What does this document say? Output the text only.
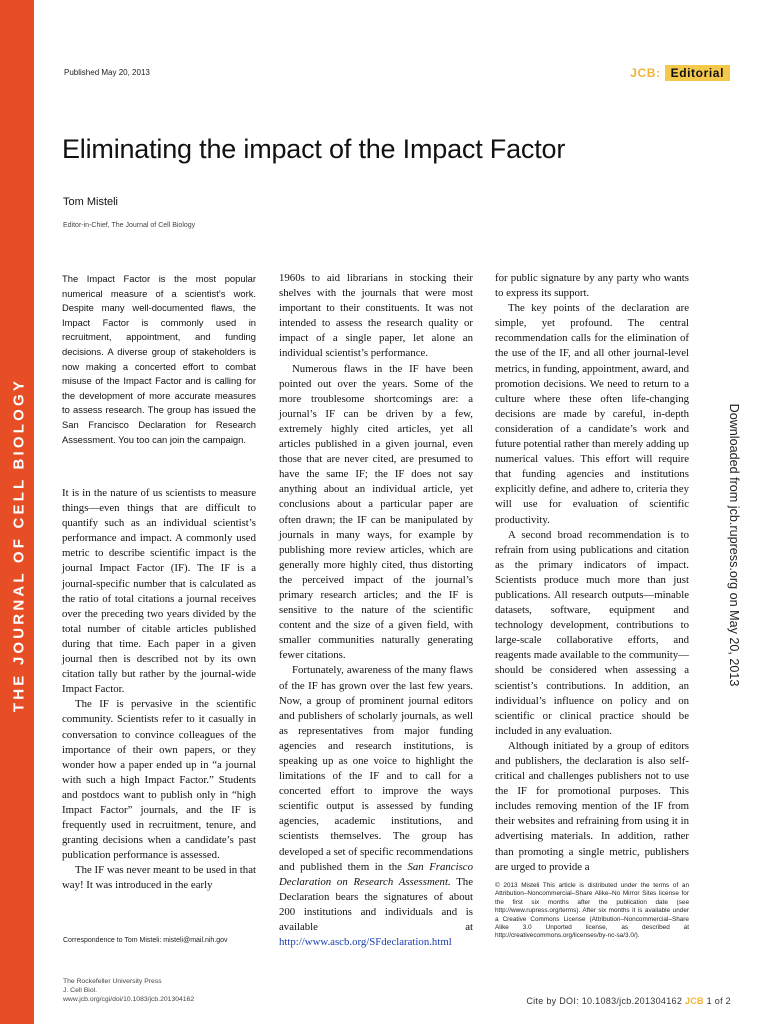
THE JOURNAL OF CELL BIOLOGY
Published May 20, 2013	JCB: Editorial
Eliminating the impact of the Impact Factor
Tom Misteli
Editor-in-Chief, The Journal of Cell Biology
The Impact Factor is the most popular numerical measure of a scientist’s work. Despite many well-documented flaws, the Impact Factor is commonly used in recruitment, appointment, and funding decisions. A diverse group of stakeholders is now making a concerted effort to combat misuse of the Impact Factor and is calling for the development of more accurate measures to assess research. The group has issued the San Francisco Declaration for Research Assessment. You too can join the campaign.

It is in the nature of us scientists to measure things—even things that are difficult to quantify such as an individual scientist’s performance and impact. A commonly used metric to describe scientific impact is the journal Impact Factor (IF). The IF is a journal-specific number that is calculated as the ratio of total citations a journal receives over the preceding two years divided by the total number of citable articles published during that time. Each paper in a given journal then is described not by its own citation tally but rather by the journal-wide Impact Factor.

The IF is pervasive in the scientific community. Scientists refer to it casually in conversation to convince colleagues of the importance of their own papers, or they wonder how a paper ended up in “a journal with such a high Impact Factor.” Students and postdocs want to publish only in “high Impact Factor” journals, and the IF is frequently used in recruitment, tenure, and granting decisions when a candidate’s past publication performance is assessed.

The IF was never meant to be used in that way! It was introduced in the early

1960s to aid librarians in stocking their shelves with the journals that were most important to their constituents. It was not intended to assess the research quality or impact of a single paper, let alone an individual scientist’s performance.

Numerous flaws in the IF have been pointed out over the years. Some of the more troublesome shortcomings are: a journal’s IF can be driven by a few, extremely highly cited articles, yet all articles published in a given journal, even those that are never cited, are presumed to have the same IF; the IF does not say anything about an individual article, yet conclusions about a particular paper are often drawn; the IF can be manipulated by journals in many ways, for example by publishing more review articles, which are generally more highly cited, thus distorting the perceived impact of the journal’s primary research articles; and the IF is sensitive to the nature of the scientific content and the size of a given field, with smaller communities naturally generating fewer citations.

Fortunately, awareness of the many flaws of the IF has grown over the last few years. Now, a group of prominent journal editors and publishers of scholarly journals, as well as representatives from major funding agencies and research institutions, is speaking up as one voice to highlight the limitations of the IF and to call for a concerted effort to improve the ways scientific output is assessed by funding agencies, academic institutions, and scientists themselves. The group has developed a set of specific recommendations and published them in the San Francisco Declaration on Research Assessment. The Declaration bears the signatures of about 200 institutions and individuals and is available at http://www.ascb.org/SFdeclaration.html

for public signature by any party who wants to express its support.

The key points of the declaration are simple, yet profound. The central recommendation calls for the elimination of the use of the IF, and all other journal-level metrics, in funding, appointment, award, and promotion decisions. We need to return to a culture where these often life-changing decisions are made by careful, in-depth consideration of a candidate’s work and future potential rather than merely adding up numerical values. This effort will require that funding agencies and institutions explicitly define, and adhere to, criteria they will use for evaluation of scientific productivity.

A second broad recommendation is to refrain from using publications and citation as the primary indicators of impact. Scientists produce much more than just publications. All research outputs—minable datasets, software, equipment and technology development, contributions to large-scale collaborative efforts, and reagents made available to the community—should be considered when assessing a scientist’s contributions. In addition, an individual’s influence on policy and on scientific or clinical practice should be included in any evaluation.

Although initiated by a group of editors and publishers, the declaration is also self-critical and challenges publishers not to use the IF for promotional purposes. This includes removing mention of the IF from their websites and refraining from using it in advertising materials. In addition, rather than promoting a single metric, publishers are urged to provide a

Correspondence to Tom Misteli: misteli@mail.nih.gov
© 2013 Misteli This article is distributed under the terms of an Attribution–Noncommercial–Share Alike–No Mirror Sites license for the first six months after the publication date (see http://www.rupress.org/terms). After six months it is available under a Creative Commons License (Attribution–Noncommercial–Share Alike 3.0 Unported license, as described at http://creativecommons.org/licenses/by-nc-sa/3.0/).
The Rockefeller University Press
J. Cell Biol.
www.jcb.org/cgi/doi/10.1083/jcb.201304162	Cite by DOI: 10.1083/jcb.201304162 JCB 1 of 2
Downloaded from jcb.rupress.org on May 20, 2013
